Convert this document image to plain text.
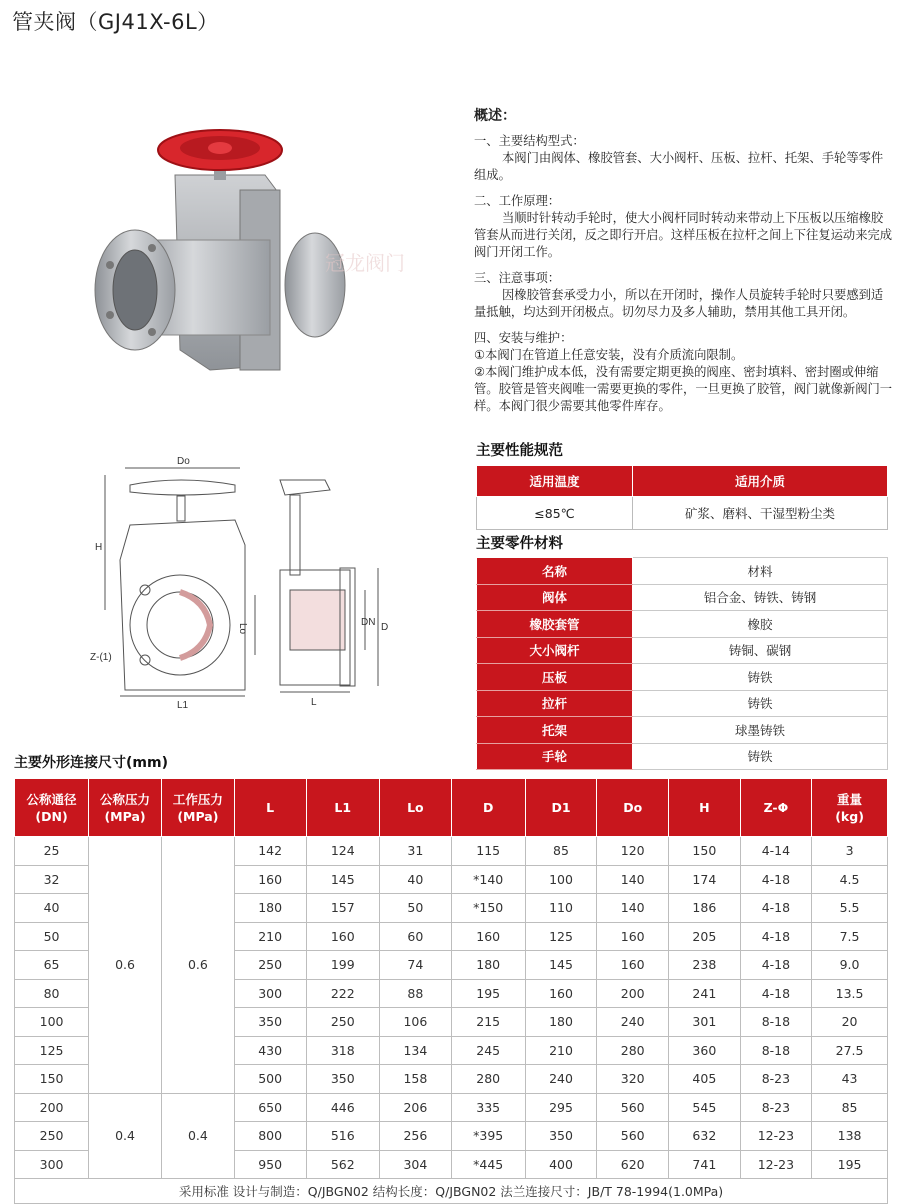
管夹阀（GJ41X-6L）
冠龙阀门
Do
H
L1
Z-(1)
Lo
L
DN D
概述：
一、主要结构型式：
本阀门由阀体、橡胶管套、大小阀杆、压板、拉杆、托架、手轮等零件组成。
二、工作原理：
当顺时针转动手轮时，使大小阀杆同时转动来带动上下压板以压缩橡胶管套从而进行关闭，反之即行开启。这样压板在拉杆之间上下往复运动来完成阀门开闭工作。
三、注意事项：
因橡胶管套承受力小，所以在开闭时，操作人员旋转手轮时只要感到适量抵触，均达到开闭极点。切勿尽力及多人辅助，禁用其他工具开闭。
四、安装与维护：
①本阀门在管道上任意安装，没有介质流向限制。
②本阀门维护成本低，没有需要定期更换的阀座、密封填料、密封圈或伸缩管。胶管是管夹阀唯一需要更换的零件，一旦更换了胶管，阀门就像新阀门一样。本阀门很少需要其他零件库存。
主要性能规范
适用温度	适用介质
≤85℃	矿浆、磨料、干湿型粉尘类
主要零件材料
名称	材料
阀体	铝合金、铸铁、铸钢
橡胶套管	橡胶
大小阀杆	铸铜、碳钢
压板	铸铁
拉杆	铸铁
托架	球墨铸铁
手轮	铸铁
主要外形连接尺寸(mm)
公称通径
(DN)	公称压力
(MPa)	工作压力
(MPa)	L	L1	Lo	D	D1	Do	H	Z-Φ	重量
(kg)
25	0.6	0.6	142	124	31	115	85	120	150	4-14	3
32			160	145	40	*140	100	140	174	4-18	4.5
40			180	157	50	*150	110	140	186	4-18	5.5
50			210	160	60	160	125	160	205	4-18	7.5
65			250	199	74	180	145	160	238	4-18	9.0
80			300	222	88	195	160	200	241	4-18	13.5
100			350	250	106	215	180	240	301	8-18	20
125			430	318	134	245	210	280	360	8-18	27.5
150			500	350	158	280	240	320	405	8-23	43
200	0.4	0.4	650	446	206	335	295	560	545	8-23	85
250			800	516	256	*395	350	560	632	12-23	138
300			950	562	304	*445	400	620	741	12-23	195
采用标准 设计与制造：Q/JBGN02 结构长度：Q/JBGN02 法兰连接尺寸：JB/T 78-1994(1.0MPa)											
